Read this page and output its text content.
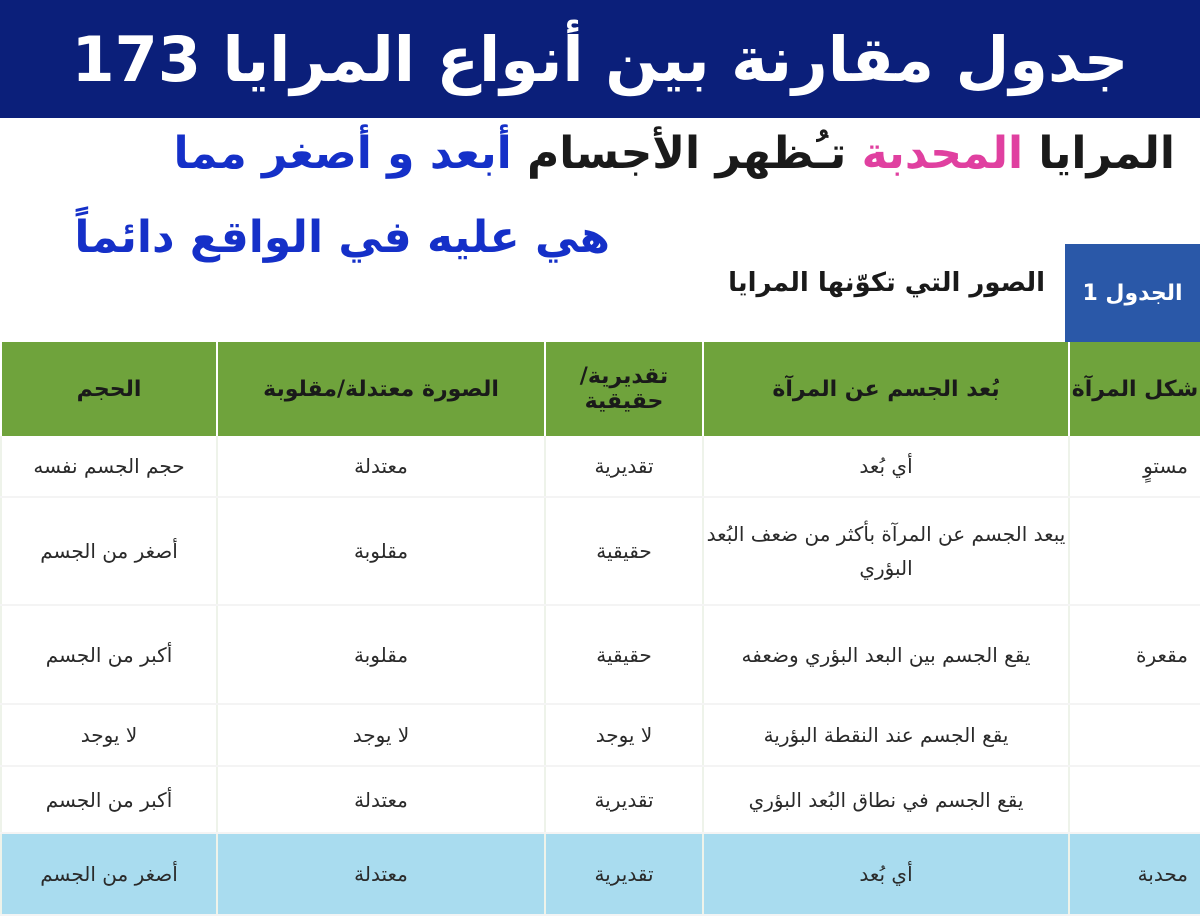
جدول مقارنة بين أنواع المرايا 173
المرايا المحدبة تـُظهر الأجسام أبعد و أصغر مما
هي عليه في الواقع دائماً
الصور التي تكوّنها المرايا الجدول 1
شكل المرآة	بُعد الجسم عن المرآة	تقديرية/ حقيقية	الصورة معتدلة/مقلوبة	الحجم
مستوٍ	أي بُعد	تقديرية	معتدلة	حجم الجسم نفسه
	يبعد الجسم عن المرآة بأكثر من ضعف البُعد البؤري	حقيقية	مقلوبة	أصغر من الجسم
مقعرة	يقع الجسم بين البعد البؤري وضعفه	حقيقية	مقلوبة	أكبر من الجسم
	يقع الجسم عند النقطة البؤرية	لا يوجد	لا يوجد	لا يوجد
	يقع الجسم في نطاق البُعد البؤري	تقديرية	معتدلة	أكبر من الجسم
محدبة	أي بُعد	تقديرية	معتدلة	أصغر من الجسم
